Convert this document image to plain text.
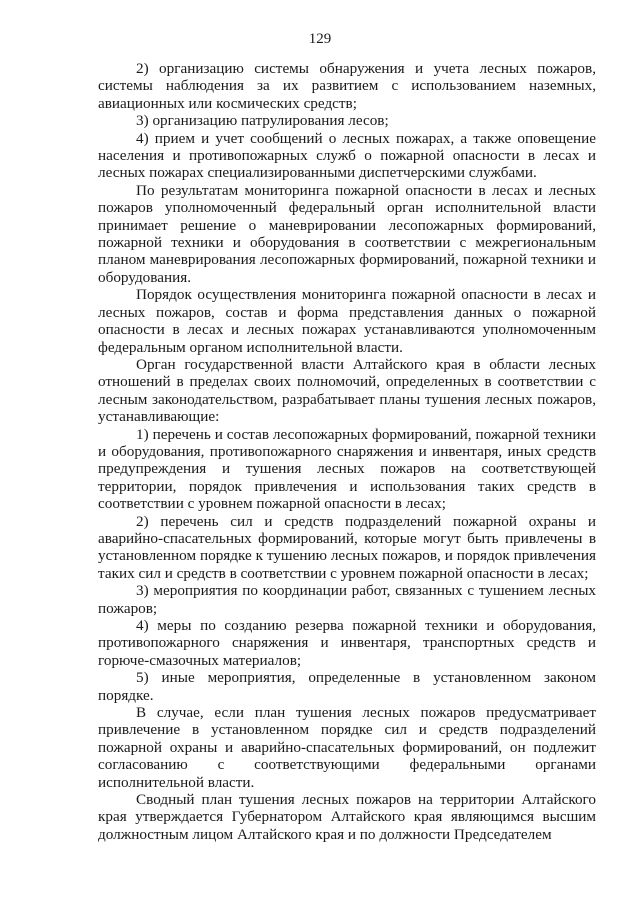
129

2) организацию системы обнаружения и учета лесных пожаров, системы наблюдения за их развитием с использованием наземных, авиационных или космических средств;

3) организацию патрулирования лесов;

4) прием и учет сообщений о лесных пожарах, а также оповещение населения и противопожарных служб о пожарной опасности в лесах и лесных пожарах специализированными диспетчерскими службами.

По результатам мониторинга пожарной опасности в лесах и лесных пожаров уполномоченный федеральный орган исполнительной власти принимает решение о маневрировании лесопожарных формирований, пожарной техники и оборудования в соответствии с межрегиональным планом маневрирования лесопожарных формирований, пожарной техники и оборудования.

Порядок осуществления мониторинга пожарной опасности в лесах и лесных пожаров, состав и форма представления данных о пожарной опасности в лесах и лесных пожарах устанавливаются уполномоченным федеральным органом исполнительной власти.

Орган государственной власти Алтайского края в области лесных отношений в пределах своих полномочий, определенных в соответствии с лесным законодательством, разрабатывает планы тушения лесных пожаров, устанавливающие:

1) перечень и состав лесопожарных формирований, пожарной техники и оборудования, противопожарного снаряжения и инвентаря, иных средств предупреждения и тушения лесных пожаров на соответствующей территории, порядок привлечения и использования таких средств в соответствии с уровнем пожарной опасности в лесах;

2) перечень сил и средств подразделений пожарной охраны и аварийно-спасательных формирований, которые могут быть привлечены в установленном порядке к тушению лесных пожаров, и порядок привлечения таких сил и средств в соответствии с уровнем пожарной опасности в лесах;

3) мероприятия по координации работ, связанных с тушением лесных пожаров;

4) меры по созданию резерва пожарной техники и оборудования, противопожарного снаряжения и инвентаря, транспортных средств и горюче-смазочных материалов;

5) иные мероприятия, определенные в установленном законом порядке.

В случае, если план тушения лесных пожаров предусматривает привлечение в установленном порядке сил и средств подразделений пожарной охраны и аварийно-спасательных формирований, он подлежит согласованию с соответствующими федеральными органами исполнительной власти.

Сводный план тушения лесных пожаров на территории Алтайского края утверждается Губернатором Алтайского края являющимся высшим должностным лицом Алтайского края и по должности Председателем
